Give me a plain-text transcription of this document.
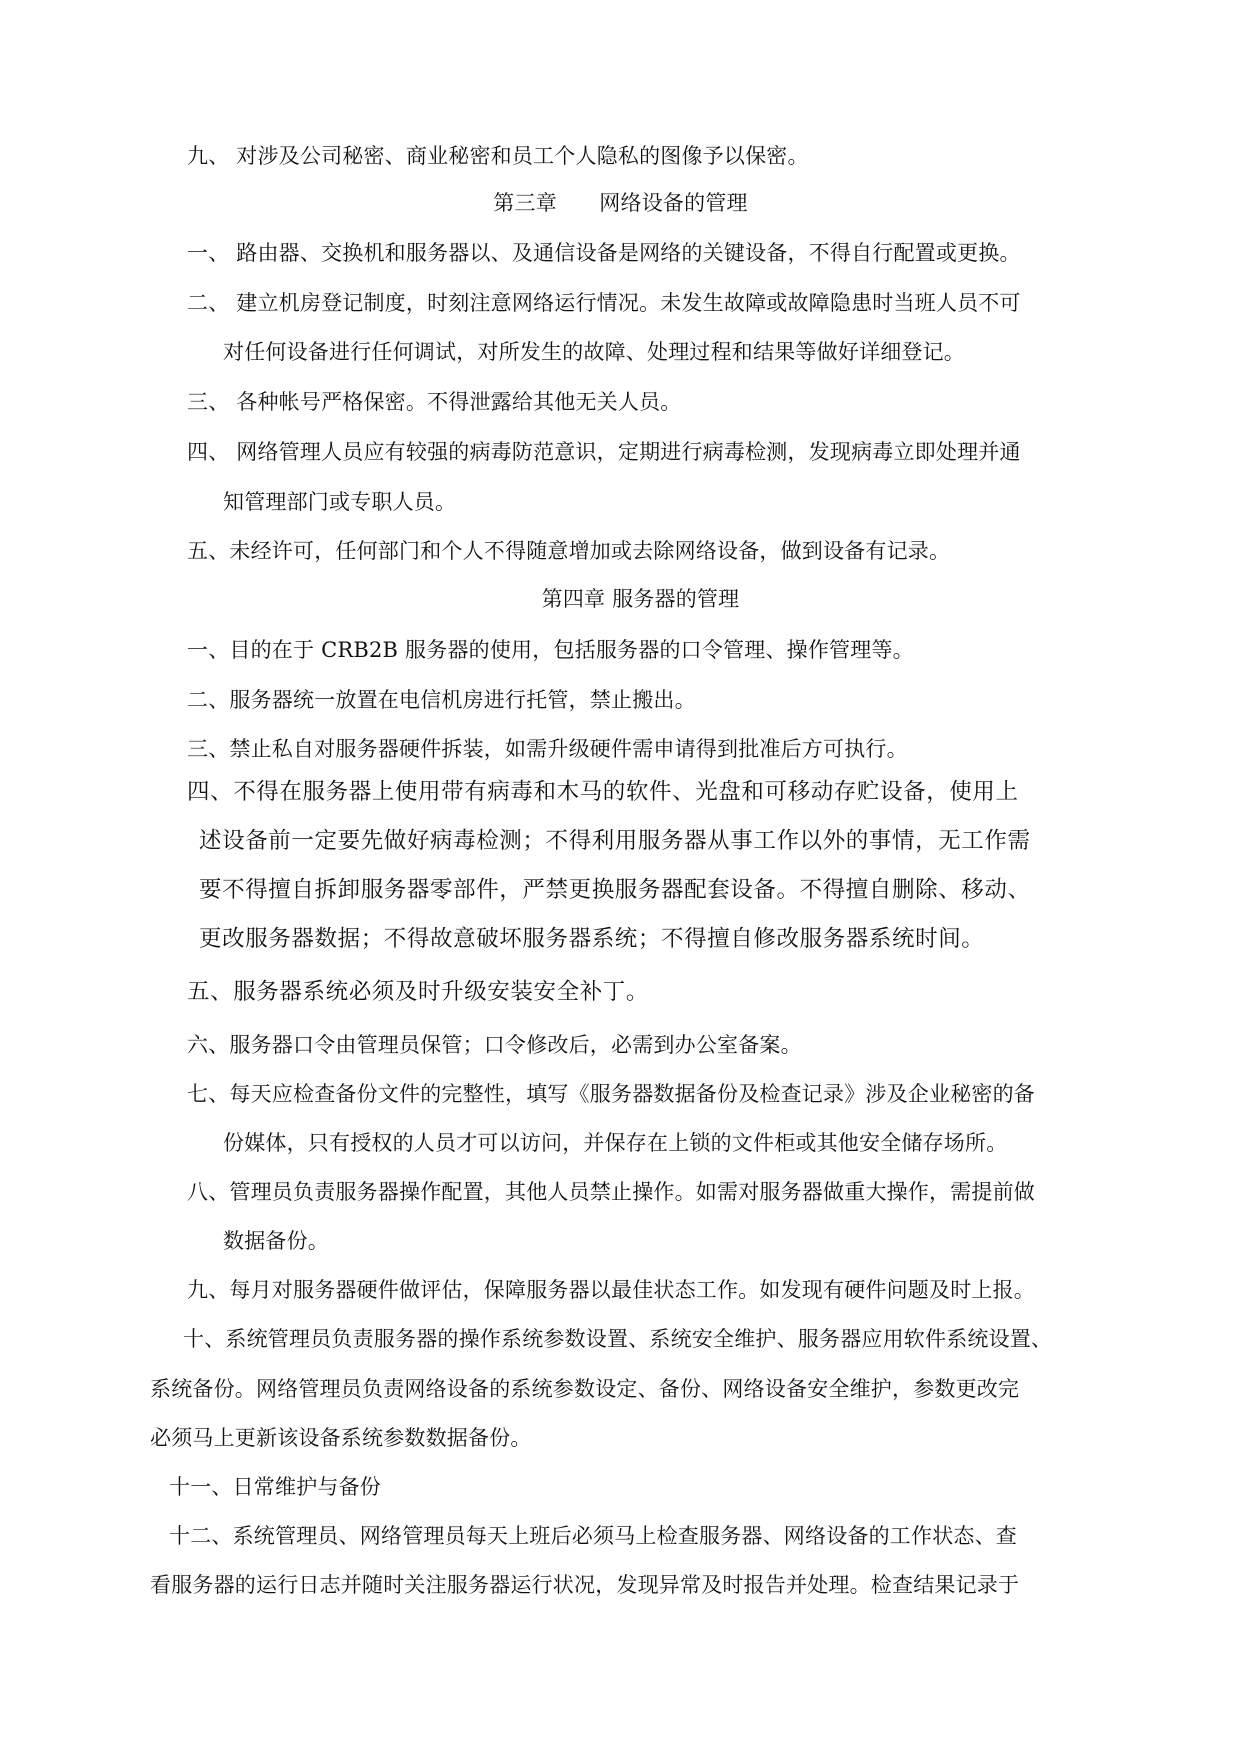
九、 对涉及公司秘密、商业秘密和员工个人隐私的图像予以保密。
第三章　　网络设备的管理
一、 路由器、交换机和服务器以、及通信设备是网络的关键设备，不得自行配置或更换。
二、 建立机房登记制度，时刻注意网络运行情况。未发生故障或故障隐患时当班人员不可
对任何设备进行任何调试，对所发生的故障、处理过程和结果等做好详细登记。
三、 各种帐号严格保密。不得泄露给其他无关人员。
四、 网络管理人员应有较强的病毒防范意识，定期进行病毒检测，发现病毒立即处理并通
知管理部门或专职人员。
五、未经许可，任何部门和个人不得随意增加或去除网络设备，做到设备有记录。
第四章 服务器的管理
一、目的在于 CRB2B 服务器的使用，包括服务器的口令管理、操作管理等。
二、服务器统一放置在电信机房进行托管，禁止搬出。
三、禁止私自对服务器硬件拆装，如需升级硬件需申请得到批准后方可执行。
四、不得在服务器上使用带有病毒和木马的软件、光盘和可移动存贮设备，使用上
述设备前一定要先做好病毒检测；不得利用服务器从事工作以外的事情，无工作需
要不得擅自拆卸服务器零部件，严禁更换服务器配套设备。不得擅自删除、移动、
更改服务器数据；不得故意破坏服务器系统；不得擅自修改服务器系统时间。
五、服务器系统必须及时升级安装安全补丁。
六、服务器口令由管理员保管；口令修改后，必需到办公室备案。
七、每天应检查备份文件的完整性，填写《服务器数据备份及检查记录》涉及企业秘密的备
份媒体，只有授权的人员才可以访问，并保存在上锁的文件柜或其他安全储存场所。
八、管理员负责服务器操作配置，其他人员禁止操作。如需对服务器做重大操作，需提前做
数据备份。
九、每月对服务器硬件做评估，保障服务器以最佳状态工作。如发现有硬件问题及时上报。
十、系统管理员负责服务器的操作系统参数设置、系统安全维护、服务器应用软件系统设置、
系统备份。网络管理员负责网络设备的系统参数设定、备份、网络设备安全维护，参数更改完
必须马上更新该设备系统参数数据备份。
十一、日常维护与备份
十二、系统管理员、网络管理员每天上班后必须马上检查服务器、网络设备的工作状态、查
看服务器的运行日志并随时关注服务器运行状况，发现异常及时报告并处理。检查结果记录于
